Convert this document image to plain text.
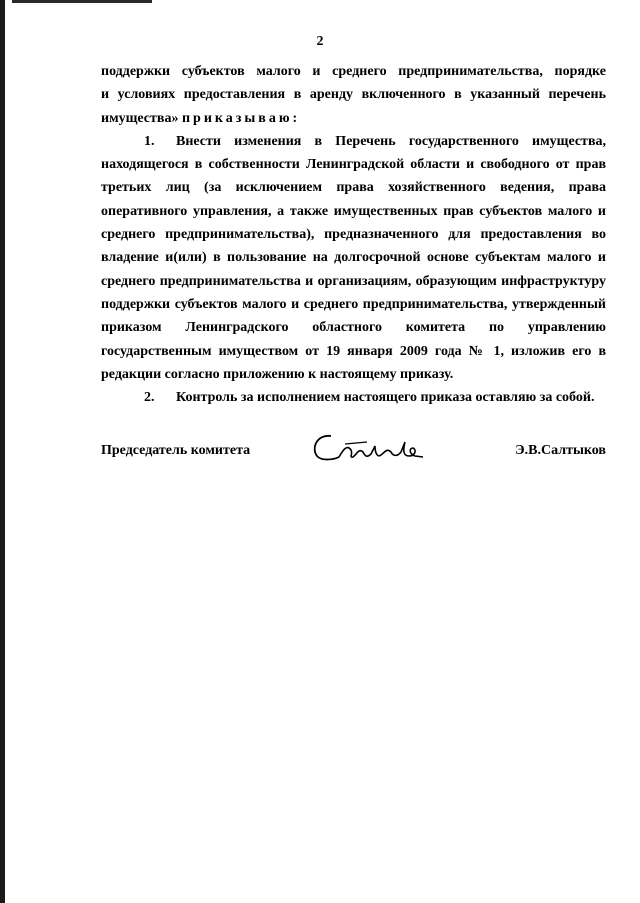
2

поддержки субъектов малого и среднего предпринимательства, порядке

и условиях предоставления в аренду включенного в указанный перечень

имущества» приказываю:

1. Внести изменения в Перечень государственного имущества, находящегося в собственности Ленинградской области и свободного от прав третьих лиц (за исключением права хозяйственного ведения, права оперативного управления, а также имущественных прав субъектов малого и среднего предпринимательства), предназначенного для предоставления во владение и(или) в пользование на долгосрочной основе субъектам малого и среднего предпринимательства и организациям, образующим инфраструктуру поддержки субъектов малого и среднего предпринимательства, утвержденный приказом Ленинградского областного комитета по управлению государственным имуществом от 19 января 2009 года № 1, изложив его в редакции согласно приложению к настоящему приказу.

2. Контроль за исполнением настоящего приказа оставляю за собой.

Председатель комитета	Э.В.Салтыков
